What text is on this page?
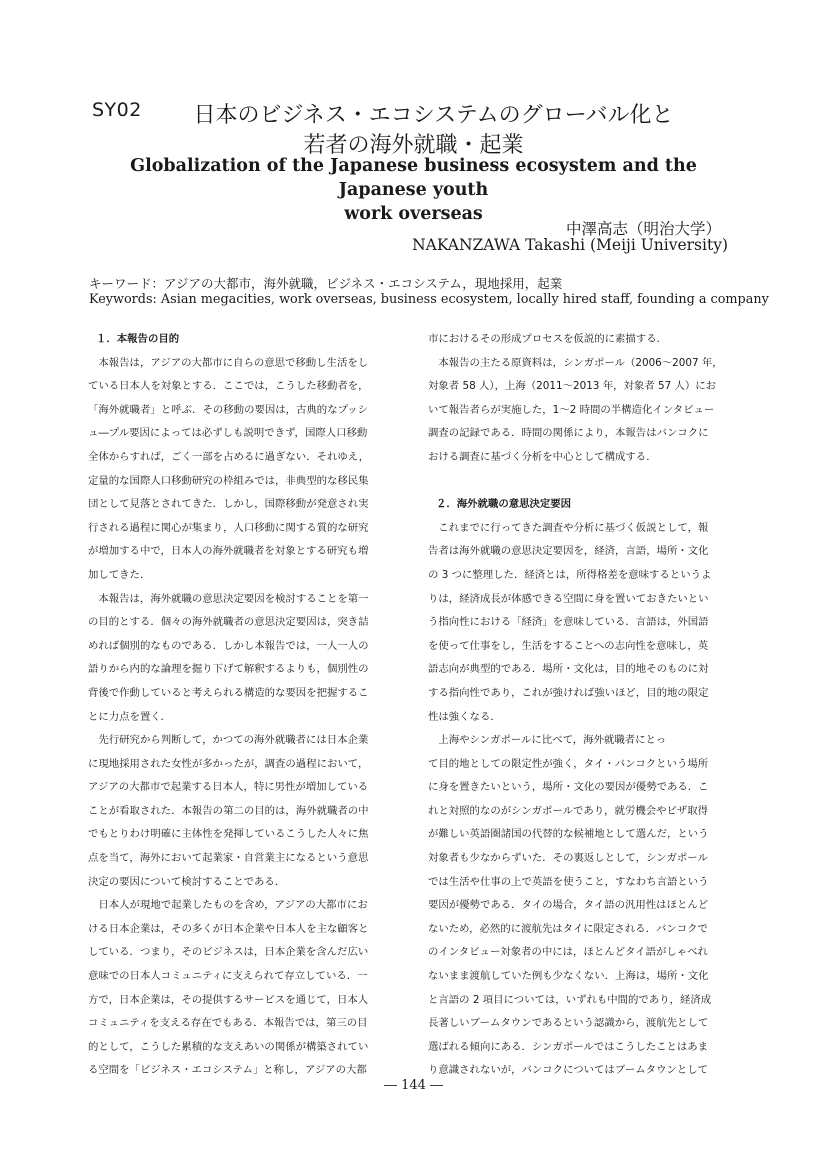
SY02	日本のビジネス・エコシステムのグローバル化と
若者の海外就職・起業
Globalization of the Japanese business ecosystem and the Japanese youth
work overseas
中澤高志（明治大学）
NAKANZAWA Takashi (Meiji University)
キーワード：アジアの大都市，海外就職，ビジネス・エコシステム，現地採用，起業
Keywords: Asian megacities, work overseas, business ecosystem, locally hired staff, founding a company
１．本報告の目的
　本報告は，アジアの大都市に自らの意思で移動し生活をし
ている日本人を対象とする．ここでは，こうした移動者を，
「海外就職者」と呼ぶ．その移動の要因は，古典的なプッシ
ュ―プル要因によっては必ずしも説明できず，国際人口移動
全体からすれば，ごく一部を占めるに過ぎない．それゆえ，
定量的な国際人口移動研究の枠組みでは，非典型的な移民集
団として見落とされてきた．しかし，国際移動が発意され実
行される過程に関心が集まり，人口移動に関する質的な研究
が増加する中で，日本人の海外就職者を対象とする研究も増
加してきた．
　本報告は，海外就職の意思決定要因を検討することを第一
の目的とする．個々の海外就職者の意思決定要因は，突き詰
めれば個別的なものである．しかし本報告では，一人一人の
語りから内的な論理を掘り下げて解釈するよりも，個別性の
背後で作動していると考えられる構造的な要因を把握するこ
とに力点を置く．
　先行研究から判断して，かつての海外就職者には日本企業
に現地採用された女性が多かったが，調査の過程において，
アジアの大都市で起業する日本人，特に男性が増加している
ことが看取された．本報告の第二の目的は，海外就職者の中
でもとりわけ明確に主体性を発揮しているこうした人々に焦
点を当て，海外において起業家・自営業主になるという意思
決定の要因について検討することである．
　日本人が現地で起業したものを含め，アジアの大都市にお
ける日本企業は，その多くが日本企業や日本人を主な顧客と
している．つまり，そのビジネスは，日本企業を含んだ広い
意味での日本人コミュニティに支えられて存立している．一
方で，日本企業は，その提供するサービスを通じて，日本人
コミュニティを支える存在でもある．本報告では，第三の目
的として，こうした累積的な支えあいの関係が構築されてい
る空間を「ビジネス・エコシステム」と称し，アジアの大都
市におけるその形成プロセスを仮説的に素描する．
　本報告の主たる原資料は，シンガポール（2006～2007 年，
対象者 58 人），上海（2011～2013 年，対象者 57 人）にお
いて報告者らが実施した，1～2 時間の半構造化インタビュー
調査の記録である．時間の関係により，本報告はバンコクに
おける調査に基づく分析を中心として構成する．
２．海外就職の意思決定要因
　これまでに行ってきた調査や分析に基づく仮説として，報
告者は海外就職の意思決定要因を，経済，言語，場所・文化
の 3 つに整理した．経済とは，所得格差を意味するというよ
りは，経済成長が体感できる空間に身を置いておきたいとい
う指向性における「経済」を意味している．言語は，外国語
を使って仕事をし，生活をすることへの志向性を意味し，英
語志向が典型的である．場所・文化は，目的地そのものに対
する指向性であり，これが強ければ強いほど，目的地の限定
性は強くなる．
　上海やシンガポールに比べて，海外就職者にとっ
て目的地としての限定性が強く，タイ・バンコクという場所
に身を置きたいという，場所・文化の要因が優勢である．こ
れと対照的なのがシンガポールであり，就労機会やビザ取得
が難しい英語圏諸国の代替的な候補地として選んだ，という
対象者も少なからずいた．その裏返しとして，シンガポール
では生活や仕事の上で英語を使うこと，すなわち言語という
要因が優勢である．タイの場合，タイ語の汎用性はほとんど
ないため，必然的に渡航先はタイに限定される．バンコクで
のインタビュー対象者の中には，ほとんどタイ語がしゃべれ
ないまま渡航していた例も少なくない．上海は，場所・文化
と言語の 2 項目については，いずれも中間的であり，経済成
長著しいブームタウンであるという認識から，渡航先として
選ばれる傾向にある．シンガポールではこうしたことはあま
り意識されないが，バンコクについてはブームタウンとして
― 144 ―
